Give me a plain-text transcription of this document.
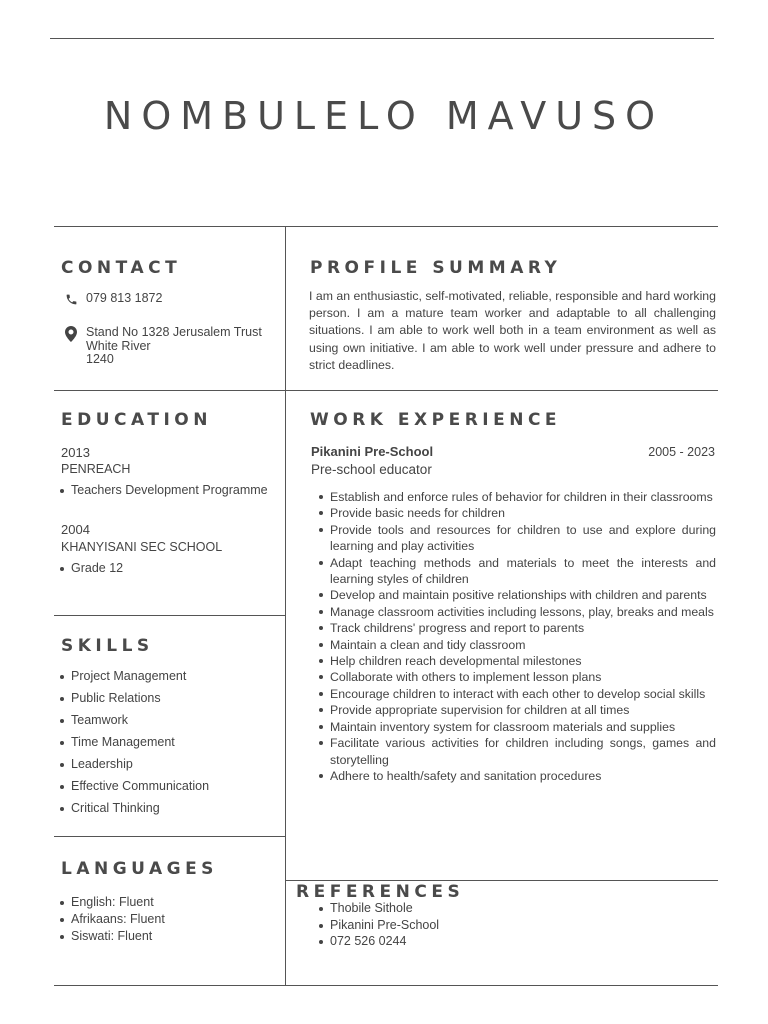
NOMBULELO MAVUSO
CONTACT
079 813 1872
Stand No 1328 Jerusalem Trust
White River
1240
PROFILE SUMMARY
I am an enthusiastic, self-motivated, reliable, responsible and hard working person. I am a mature team worker and adaptable to all challenging situations. I am able to work well both in a team environment as well as using own initiative. I am able to work well under pressure and adhere to strict deadlines.
EDUCATION
2013
PENREACH
Teachers Development Programme
2004
KHANYISANI SEC SCHOOL
Grade 12
WORK EXPERIENCE
Pikanini Pre-School	2005 - 2023
Pre-school educator
Establish and enforce rules of behavior for children in their classrooms
Provide basic needs for children
Provide tools and resources for children to use and explore during learning and play activities
Adapt teaching methods and materials to meet the interests and learning styles of children
Develop and maintain positive relationships with children and parents
Manage classroom activities including lessons, play, breaks and meals
Track childrens' progress and report to parents
Maintain a clean and tidy classroom
Help children reach developmental milestones
Collaborate with others to implement lesson plans
Encourage children to interact with each other to develop social skills
Provide appropriate supervision for children at all times
Maintain inventory system for classroom materials and supplies
Facilitate various activities for children including songs, games and storytelling
Adhere to health/safety and sanitation procedures
SKILLS
Project Management
Public Relations
Teamwork
Time Management
Leadership
Effective Communication
Critical Thinking
LANGUAGES
English: Fluent
Afrikaans: Fluent
Siswati: Fluent
REFERENCES
Thobile Sithole
Pikanini Pre-School
072 526 0244
